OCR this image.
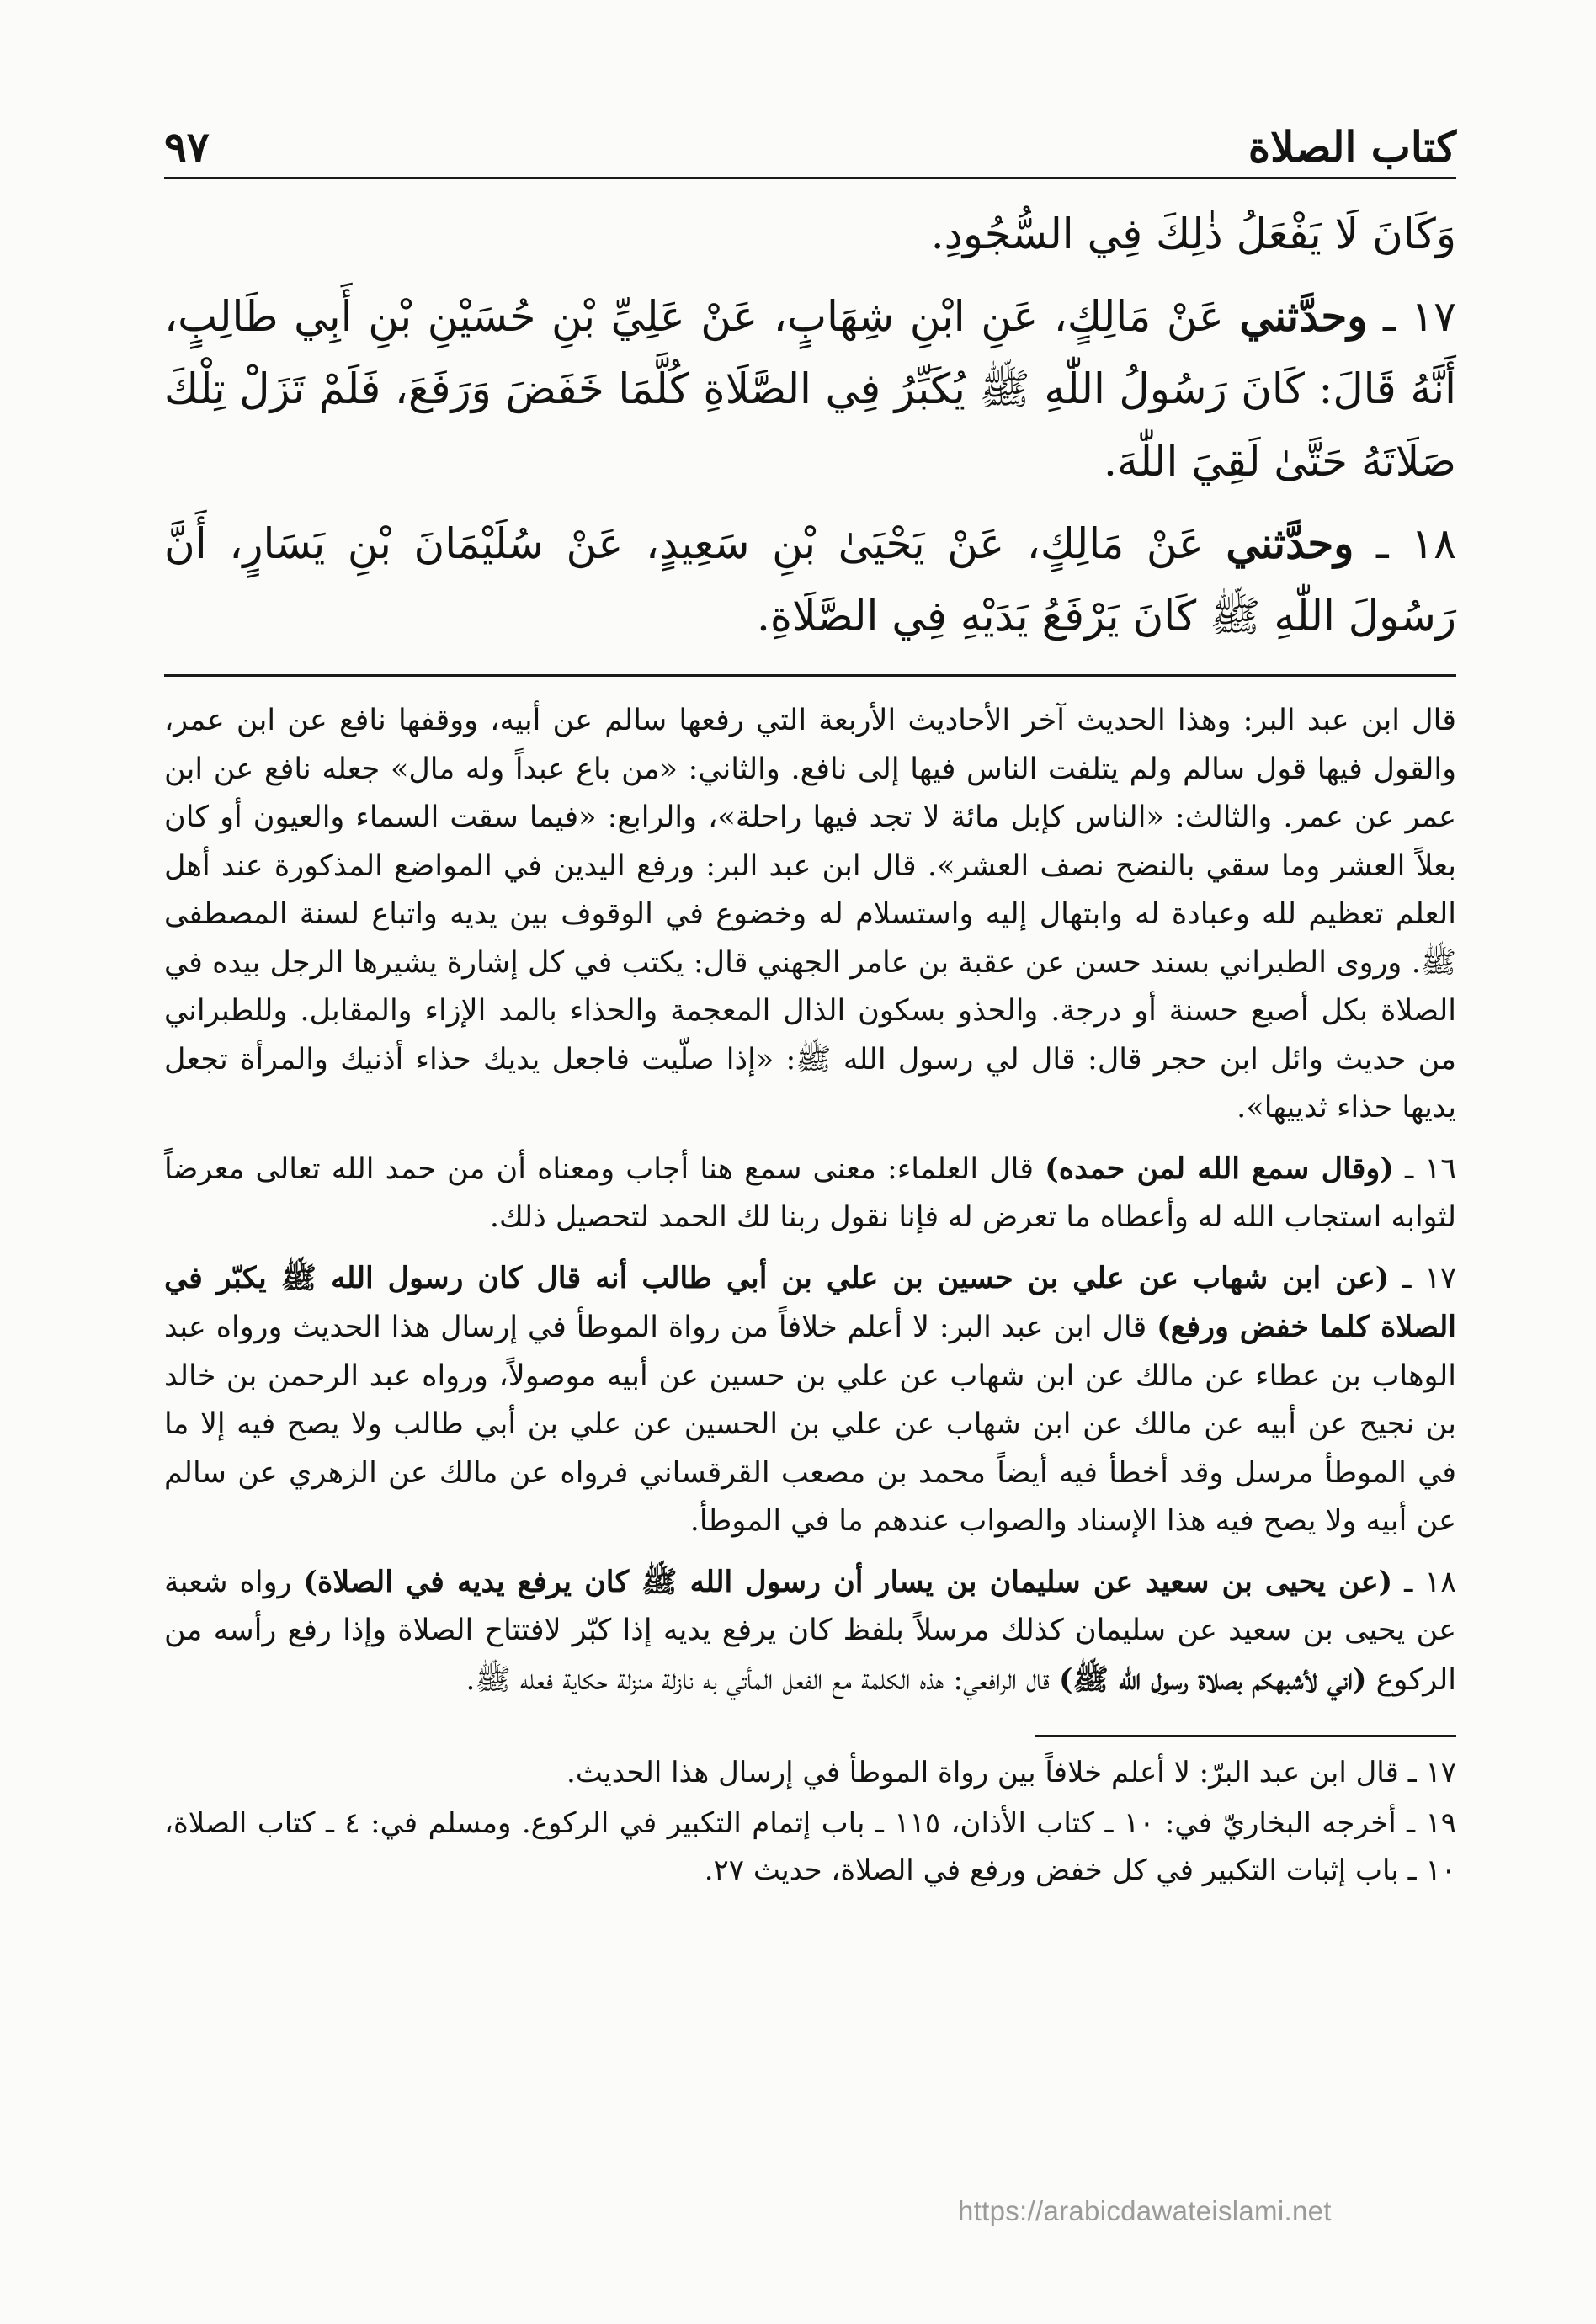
كتاب الصلاة
٩٧

وَكَانَ لَا يَفْعَلُ ذٰلِكَ فِي السُّجُودِ.

١٧ ـ وحدَّثني عَنْ مَالِكٍ، عَنِ ابْنِ شِهَابٍ، عَنْ عَلِيِّ بْنِ حُسَيْنِ بْنِ أَبِي طَالِبٍ، أَنَّهُ قَالَ: كَانَ رَسُولُ اللّٰهِ ﷺ يُكَبِّرُ فِي الصَّلَاةِ كُلَّمَا خَفَضَ وَرَفَعَ، فَلَمْ تَزَلْ تِلْكَ صَلَاتَهُ حَتَّىٰ لَقِيَ اللّٰهَ.

١٨ ـ وحدَّثني عَنْ مَالِكٍ، عَنْ يَحْيَىٰ بْنِ سَعِيدٍ، عَنْ سُلَيْمَانَ بْنِ يَسَارٍ، أَنَّ رَسُولَ اللّٰهِ ﷺ كَانَ يَرْفَعُ يَدَيْهِ فِي الصَّلَاةِ.

قال ابن عبد البر: وهذا الحديث آخر الأحاديث الأربعة التي رفعها سالم عن أبيه، ووقفها نافع عن ابن عمر، والقول فيها قول سالم ولم يتلفت الناس فيها إلى نافع. والثاني: «من باع عبداً وله مال» جعله نافع عن ابن عمر عن عمر. والثالث: «الناس كإبل مائة لا تجد فيها راحلة»، والرابع: «فيما سقت السماء والعيون أو كان بعلاً العشر وما سقي بالنضح نصف العشر». قال ابن عبد البر: ورفع اليدين في المواضع المذكورة عند أهل العلم تعظيم لله وعبادة له وابتهال إليه واستسلام له وخضوع في الوقوف بين يديه واتباع لسنة المصطفى ﷺ. وروى الطبراني بسند حسن عن عقبة بن عامر الجهني قال: يكتب في كل إشارة يشيرها الرجل بيده في الصلاة بكل أصبع حسنة أو درجة. والحذو بسكون الذال المعجمة والحذاء بالمد الإزاء والمقابل. وللطبراني من حديث وائل ابن حجر قال: قال لي رسول الله ﷺ: «إذا صلّيت فاجعل يديك حذاء أذنيك والمرأة تجعل يديها حذاء ثدييها».

١٦ ـ (وقال سمع الله لمن حمده) قال العلماء: معنى سمع هنا أجاب ومعناه أن من حمد الله تعالى معرضاً لثوابه استجاب الله له وأعطاه ما تعرض له فإنا نقول ربنا لك الحمد لتحصيل ذلك.

١٧ ـ (عن ابن شهاب عن علي بن حسين بن علي بن أبي طالب أنه قال كان رسول الله ﷺ يكبّر في الصلاة كلما خفض ورفع) قال ابن عبد البر: لا أعلم خلافاً من رواة الموطأ في إرسال هذا الحديث ورواه عبد الوهاب بن عطاء عن مالك عن ابن شهاب عن علي بن حسين عن أبيه موصولاً، ورواه عبد الرحمن بن خالد بن نجيح عن أبيه عن مالك عن ابن شهاب عن علي بن الحسين عن علي بن أبي طالب ولا يصح فيه إلا ما في الموطأ مرسل وقد أخطأ فيه أيضاً محمد بن مصعب القرقساني فرواه عن مالك عن الزهري عن سالم عن أبيه ولا يصح فيه هذا الإسناد والصواب عندهم ما في الموطأ.

١٨ ـ (عن يحيى بن سعيد عن سليمان بن يسار أن رسول الله ﷺ كان يرفع يديه في الصلاة) رواه شعبة عن يحيى بن سعيد عن سليمان كذلك مرسلاً بلفظ كان يرفع يديه إذا كبّر لافتتاح الصلاة وإذا رفع رأسه من الركوع (اني لأشبهكم بصلاة رسول الله ﷺ) قال الرافعي: هذه الكلمة مع الفعل المأتي به نازلة منزلة حكاية فعله ﷺ.

١٧ ـ قال ابن عبد البرّ: لا أعلم خلافاً بين رواة الموطأ في إرسال هذا الحديث.

١٩ ـ أخرجه البخاريّ في: ١٠ ـ كتاب الأذان، ١١٥ ـ باب إتمام التكبير في الركوع. ومسلم في: ٤ ـ كتاب الصلاة، ١٠ ـ باب إثبات التكبير في كل خفض ورفع في الصلاة، حديث ٢٧.

https://arabicdawateislami.net
